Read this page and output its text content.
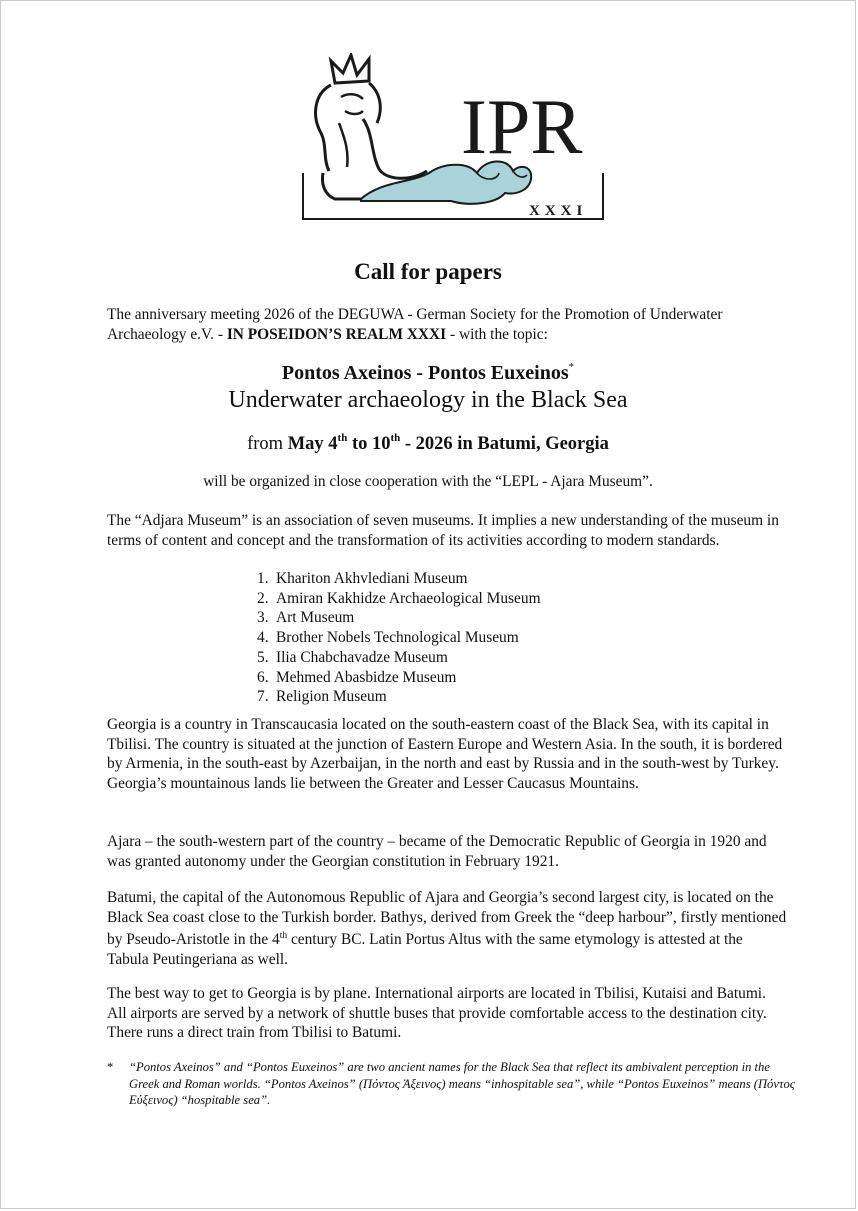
IPR
XXXI
Call for papers
The anniversary meeting 2026 of the DEGUWA - German Society for the Promotion of Underwater Archaeology e.V. - IN POSEIDON’S REALM XXXI - with the topic:
Pontos Axeinos - Pontos Euxeinos*
Underwater archaeology in the Black Sea
from May 4th to 10th - 2026 in Batumi, Georgia
will be organized in close cooperation with the “LEPL - Ajara Museum”.
The “Adjara Museum” is an association of seven museums. It implies a new understanding of the museum in terms of content and concept and the transformation of its activities according to modern standards.
1. Khariton Akhvlediani Museum
2. Amiran Kakhidze Archaeological Museum
3. Art Museum
4. Brother Nobels Technological Museum
5. Ilia Chabchavadze Museum
6. Mehmed Abasbidze Museum
7. Religion Museum
Georgia is a country in Transcaucasia located on the south-eastern coast of the Black Sea, with its capital in Tbilisi. The country is situated at the junction of Eastern Europe and Western Asia. In the south, it is bordered by Armenia, in the south-east by Azerbaijan, in the north and east by Russia and in the south-west by Turkey. Georgia’s mountainous lands lie between the Greater and Lesser Caucasus Mountains.
Ajara – the south-western part of the country – became of the Democratic Republic of Georgia in 1920 and was granted autonomy under the Georgian constitution in February 1921.
Batumi, the capital of the Autonomous Republic of Ajara and Georgia’s second largest city, is located on the Black Sea coast close to the Turkish border. Bathys, derived from Greek the “deep harbour”, firstly mentioned by Pseudo-Aristotle in the 4th century BC. Latin Portus Altus with the same etymology is attested at the Tabula Peutingeriana as well.
The best way to get to Georgia is by plane. International airports are located in Tbilisi, Kutaisi and Batumi. All airports are served by a network of shuttle buses that provide comfortable access to the destination city. There runs a direct train from Tbilisi to Batumi.
* “Pontos Axeinos” and “Pontos Euxeinos” are two ancient names for the Black Sea that reflect its ambivalent perception in the Greek and Roman worlds. “Pontos Axeinos” (Πόντος Άξεινος) means “inhospitable sea”, while “Pontos Euxeinos” means (Πόντος Εύξεινος) “hospitable sea”.
